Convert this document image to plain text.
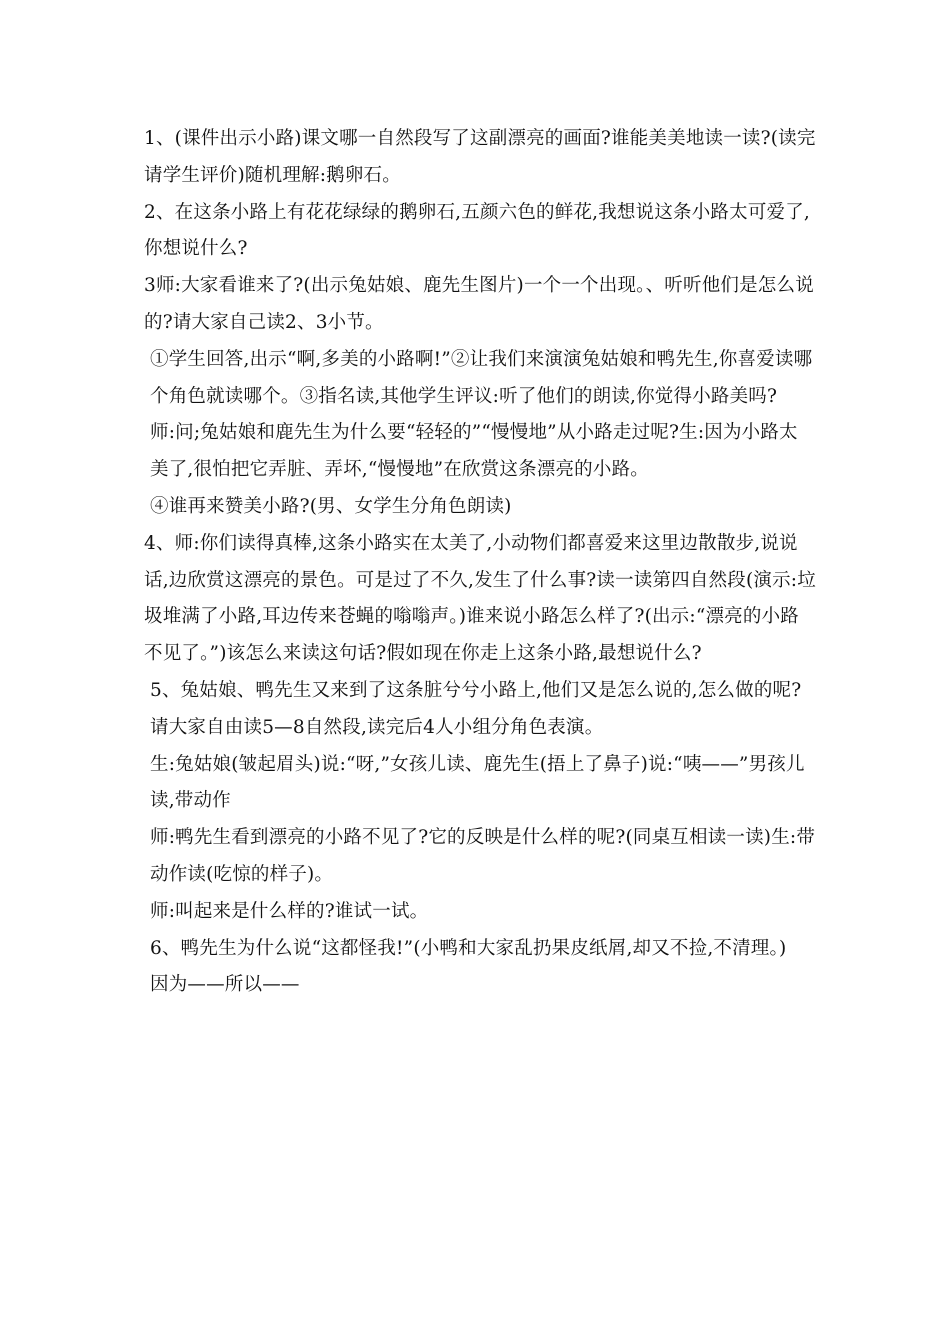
1、(课件出示小路)课文哪一自然段写了这副漂亮的画面?谁能美美地读一读?(读完请学生评价)随机理解:鹅卵石。

2、在这条小路上有花花绿绿的鹅卵石,五颜六色的鲜花,我想说这条小路太可爱了,你想说什么?

3师:大家看谁来了?(出示兔姑娘、鹿先生图片)一个一个出现。、听听他们是怎么说的?请大家自己读2、3小节。

①学生回答,出示“啊,多美的小路啊!”②让我们来演演兔姑娘和鸭先生,你喜爱读哪个角色就读哪个。③指名读,其他学生评议:听了他们的朗读,你觉得小路美吗?

师:问;兔姑娘和鹿先生为什么要“轻轻的”“慢慢地”从小路走过呢?生:因为小路太美了,很怕把它弄脏、弄坏,“慢慢地”在欣赏这条漂亮的小路。

④谁再来赞美小路?(男、女学生分角色朗读)

4、师:你们读得真棒,这条小路实在太美了,小动物们都喜爱来这里边散散步,说说话,边欣赏这漂亮的景色。可是过了不久,发生了什么事?读一读第四自然段(演示:垃圾堆满了小路,耳边传来苍蝇的嗡嗡声。)谁来说小路怎么样了?(出示:“漂亮的小路不见了。”)该怎么来读这句话?假如现在你走上这条小路,最想说什么?

5、兔姑娘、鸭先生又来到了这条脏兮兮小路上,他们又是怎么说的,怎么做的呢?请大家自由读5—8自然段,读完后4人小组分角色表演。

生:兔姑娘(皱起眉头)说:“呀,”女孩儿读、鹿先生(捂上了鼻子)说:“咦——”男孩儿读,带动作

师:鸭先生看到漂亮的小路不见了?它的反映是什么样的呢?(同桌互相读一读)生:带动作读(吃惊的样子)。

师:叫起来是什么样的?谁试一试。

6、鸭先生为什么说“这都怪我!”(小鸭和大家乱扔果皮纸屑,却又不捡,不清理。)

因为——所以——
